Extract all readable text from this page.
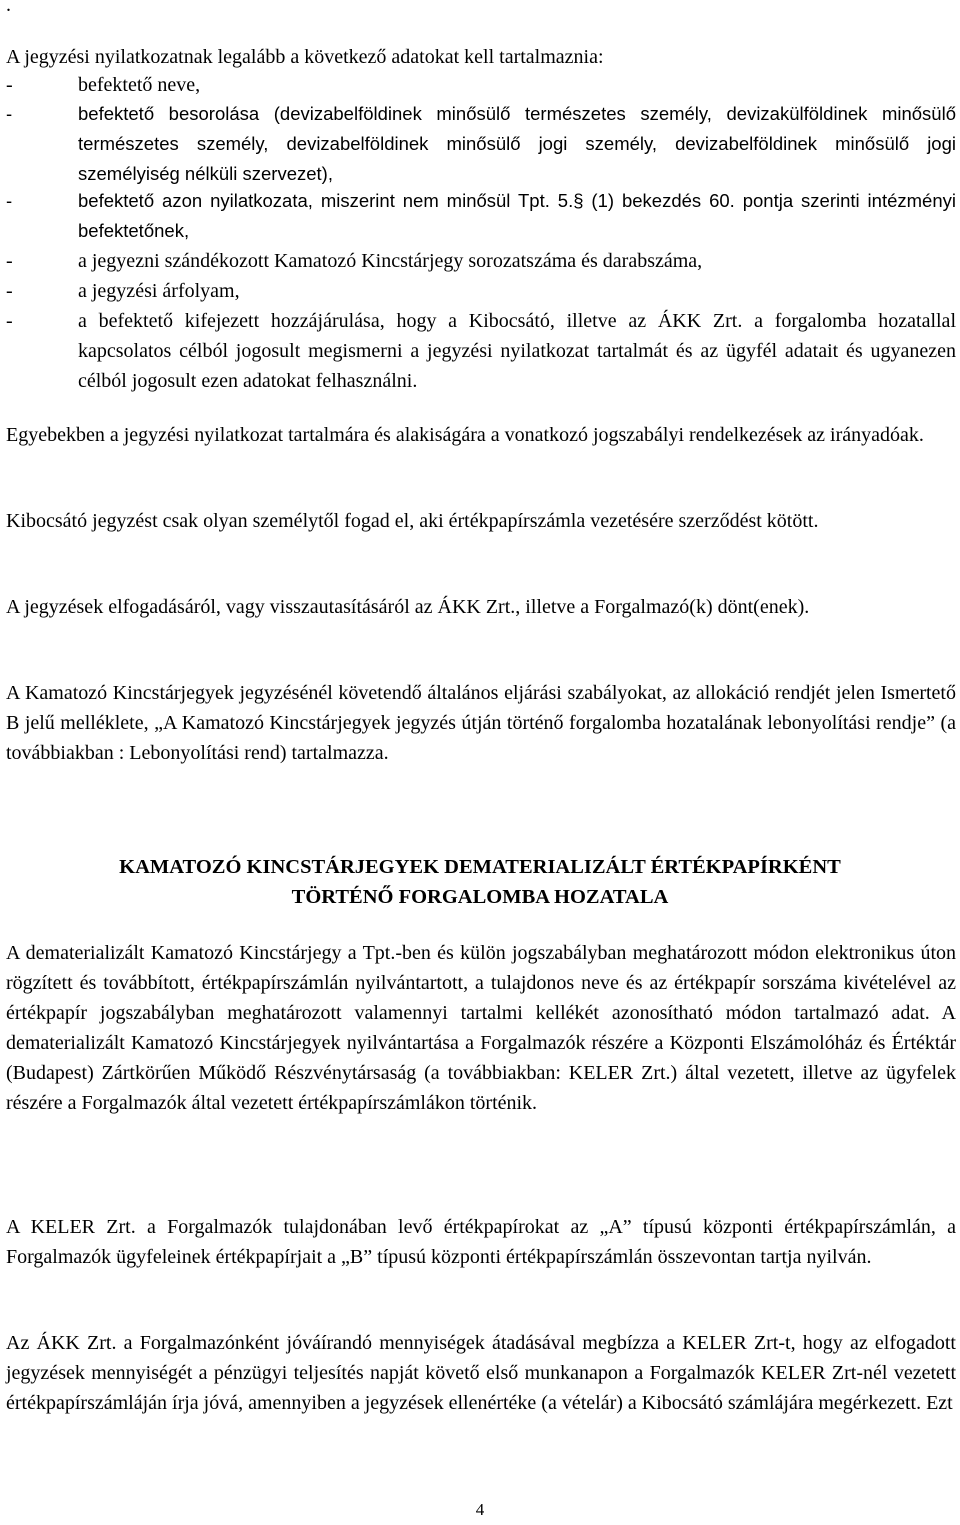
.
A jegyzési nyilatkozatnak legalább a következő adatokat kell tartalmaznia:
-	befektető neve,
-	befektető besorolása (devizabelföldinek minősülő természetes személy, devizakülföldinek minősülő természetes személy, devizabelföldinek minősülő jogi személy, devizabelföldinek minősülő jogi személyiség nélküli szervezet),
-	befektető azon nyilatkozata, miszerint nem minősül Tpt. 5.§ (1) bekezdés 60. pontja szerinti intézményi befektetőnek,
-	a jegyezni szándékozott Kamatozó Kincstárjegy sorozatszáma és darabszáma,
-	a jegyzési árfolyam,
-	a befektető kifejezett hozzájárulása, hogy a Kibocsátó, illetve az ÁKK Zrt. a forgalomba hozatallal kapcsolatos célból jogosult megismerni a jegyzési nyilatkozat tartalmát és az ügyfél adatait és ugyanezen célból jogosult ezen adatokat felhasználni.
Egyebekben a jegyzési nyilatkozat tartalmára és alakiságára a vonatkozó jogszabályi rendelkezések az irányadóak.
Kibocsátó jegyzést csak olyan személytől fogad el, aki értékpapírszámla vezetésére szerződést kötött.
A jegyzések elfogadásáról, vagy visszautasításáról az ÁKK Zrt., illetve a Forgalmazó(k) dönt(enek).
A Kamatozó Kincstárjegyek jegyzésénél követendő általános eljárási szabályokat, az allokáció rendjét jelen Ismertető B jelű melléklete, „A Kamatozó Kincstárjegyek jegyzés útján történő forgalomba hozatalának lebonyolítási rendje” (a továbbiakban : Lebonyolítási rend) tartalmazza.
KAMATOZÓ KINCSTÁRJEGYEK DEMATERIALIZÁLT ÉRTÉKPAPÍRKÉNT
TÖRTÉNŐ FORGALOMBA HOZATALA
A dematerializált Kamatozó Kincstárjegy a Tpt.-ben és külön jogszabályban meghatározott módon elektronikus úton rögzített és továbbított, értékpapírszámlán nyilvántartott, a tulajdonos neve és az értékpapír sorszáma kivételével az értékpapír jogszabályban meghatározott valamennyi tartalmi kellékét azonosítható módon tartalmazó adat. A dematerializált Kamatozó Kincstárjegyek nyilvántartása a Forgalmazók részére a Központi Elszámolóház és Értéktár (Budapest) Zártkörűen Működő Részvénytársaság (a továbbiakban: KELER Zrt.) által vezetett, illetve az ügyfelek részére a Forgalmazók által vezetett értékpapírszámlákon történik.
A KELER Zrt. a Forgalmazók tulajdonában levő értékpapírokat az „A” típusú központi értékpapírszámlán, a Forgalmazók ügyfeleinek értékpapírjait a „B” típusú központi értékpapírszámlán összevontan tartja nyilván.
Az ÁKK Zrt. a Forgalmazónként jóváírandó mennyiségek átadásával megbízza a KELER Zrt-t, hogy az elfogadott jegyzések mennyiségét a pénzügyi teljesítés napját követő első munkanapon a Forgalmazók KELER Zrt-nél vezetett értékpapírszámláján írja jóvá, amennyiben a jegyzések ellenértéke (a vételár) a Kibocsátó számlájára megérkezett. Ezt
4
